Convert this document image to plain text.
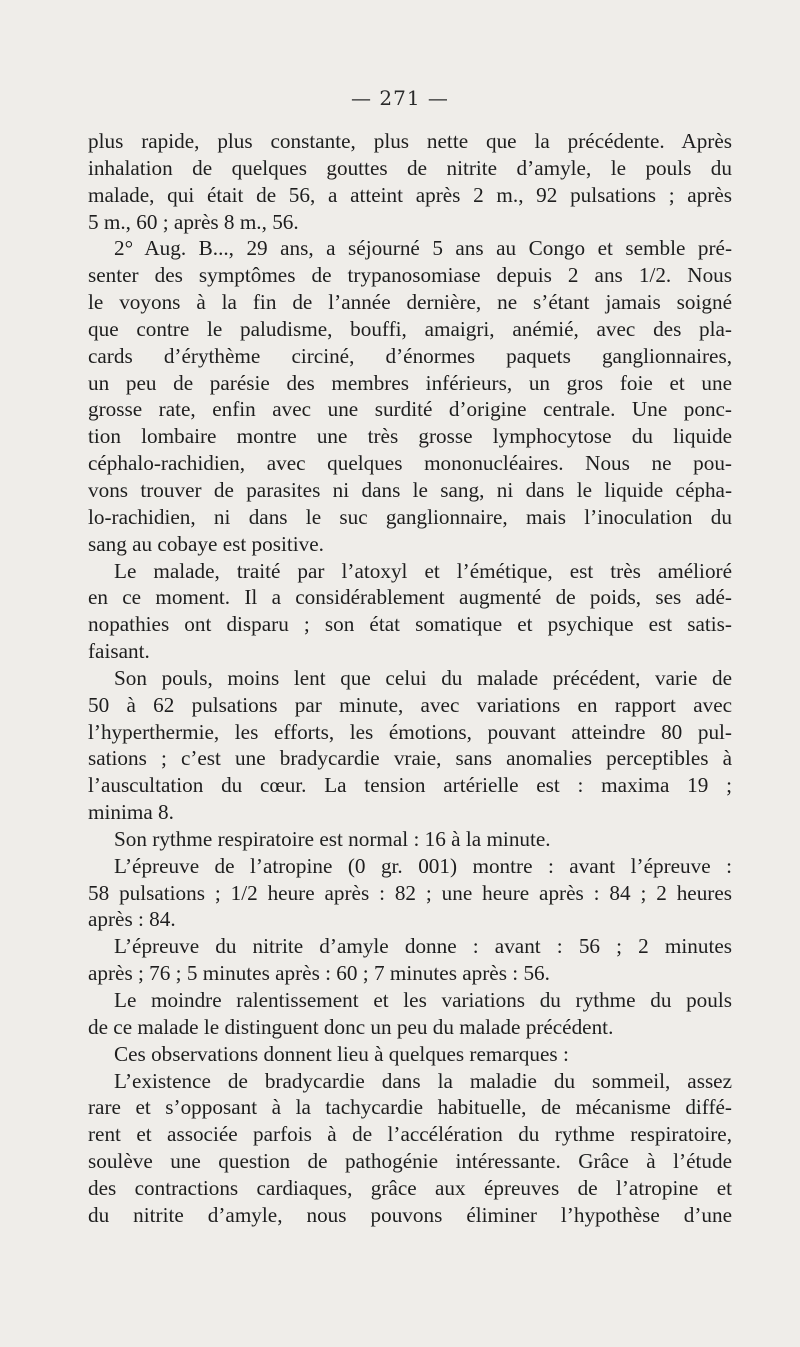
— 271 —

plus rapide, plus constante, plus nette que la précédente. Après
inhalation de quelques gouttes de nitrite d’amyle, le pouls du
malade, qui était de 56, a atteint après 2 m., 92 pulsations ; après
5 m., 60 ; après 8 m., 56.

2° Aug. B..., 29 ans, a séjourné 5 ans au Congo et semble pré-
senter des symptômes de trypanosomiase depuis 2 ans 1/2. Nous
le voyons à la fin de l’année dernière, ne s’étant jamais soigné
que contre le paludisme, bouffi, amaigri, anémié, avec des pla-
cards d’érythème circiné, d’énormes paquets ganglionnaires,
un peu de parésie des membres inférieurs, un gros foie et une
grosse rate, enfin avec une surdité d’origine centrale. Une ponc-
tion lombaire montre une très grosse lymphocytose du liquide
céphalo-rachidien, avec quelques mononucléaires. Nous ne pou-
vons trouver de parasites ni dans le sang, ni dans le liquide cépha-
lo-rachidien, ni dans le suc ganglionnaire, mais l’inoculation du
sang au cobaye est positive.

Le malade, traité par l’atoxyl et l’émétique, est très amélioré
en ce moment. Il a considérablement augmenté de poids, ses adé-
nopathies ont disparu ; son état somatique et psychique est satis-
faisant.

Son pouls, moins lent que celui du malade précédent, varie de
50 à 62 pulsations par minute, avec variations en rapport avec
l’hyperthermie, les efforts, les émotions, pouvant atteindre 80 pul-
sations ; c’est une bradycardie vraie, sans anomalies perceptibles à
l’auscultation du cœur. La tension artérielle est : maxima 19 ;
minima 8.

Son rythme respiratoire est normal : 16 à la minute.

L’épreuve de l’atropine (0 gr. 001) montre : avant l’épreuve :
58 pulsations ; 1/2 heure après : 82 ; une heure après : 84 ; 2 heures
après : 84.

L’épreuve du nitrite d’amyle donne : avant : 56 ; 2 minutes
après ; 76 ; 5 minutes après : 60 ; 7 minutes après : 56.

Le moindre ralentissement et les variations du rythme du pouls
de ce malade le distinguent donc un peu du malade précédent.

Ces observations donnent lieu à quelques remarques :

L’existence de bradycardie dans la maladie du sommeil, assez
rare et s’opposant à la tachycardie habituelle, de mécanisme diffé-
rent et associée parfois à de l’accélération du rythme respiratoire,
soulève une question de pathogénie intéressante. Grâce à l’étude
des contractions cardiaques, grâce aux épreuves de l’atropine et
du nitrite d’amyle, nous pouvons éliminer l’hypothèse d’une
